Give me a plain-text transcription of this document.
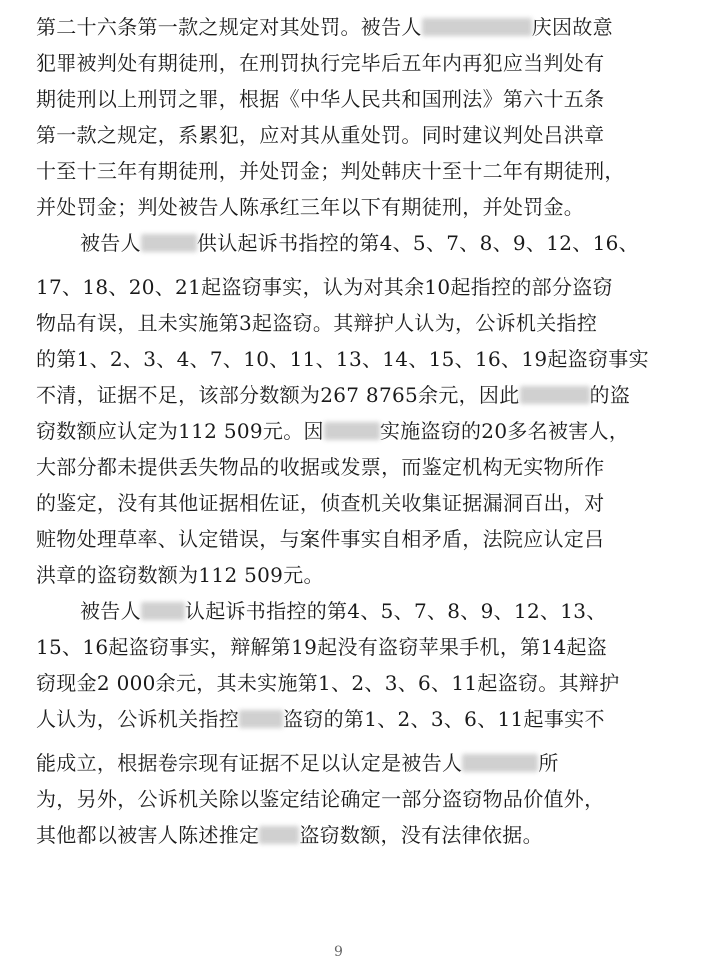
第二十六条第一款之规定对其处罚。被告人	庆因故意
犯罪被判处有期徒刑，在刑罚执行完毕后五年内再犯应当判处有
期徒刑以上刑罚之罪，根据《中华人民共和国刑法》第六十五条
第一款之规定，系累犯，应对其从重处罚。同时建议判处吕洪章
十至十三年有期徒刑，并处罚金；判处韩庆十至十二年有期徒刑，
并处罚金；判处被告人陈承红三年以下有期徒刑，并处罚金。
被告人	供认起诉书指控的第4、5、7、8、9、12、16、
17、18、20、21起盗窃事实，认为对其余10起指控的部分盗窃
物品有误，且未实施第3起盗窃。其辩护人认为，公诉机关指控
的第1、2、3、4、7、10、11、13、14、15、16、19起盗窃事实
不清，证据不足，该部分数额为267 8765余元，因此	的盗
窃数额应认定为112 509元。因	实施盗窃的20多名被害人，
大部分都未提供丢失物品的收据或发票，而鉴定机构无实物所作
的鉴定，没有其他证据相佐证，侦查机关收集证据漏洞百出，对
赃物处理草率、认定错误，与案件事实自相矛盾，法院应认定吕
洪章的盗窃数额为112 509元。
被告人 认起诉书指控的第4、5、7、8、9、12、13、
15、16起盗窃事实，辩解第19起没有盗窃苹果手机，第14起盗
窃现金2 000余元，其未实施第1、2、3、6、11起盗窃。其辩护
人认为，公诉机关指控 盗窃的第1、2、3、6、11起事实不
能成立，根据卷宗现有证据不足以认定是被告人	所
为，另外，公诉机关除以鉴定结论确定一部分盗窃物品价值外，
其他都以被害人陈述推定 盗窃数额，没有法律依据。
9
